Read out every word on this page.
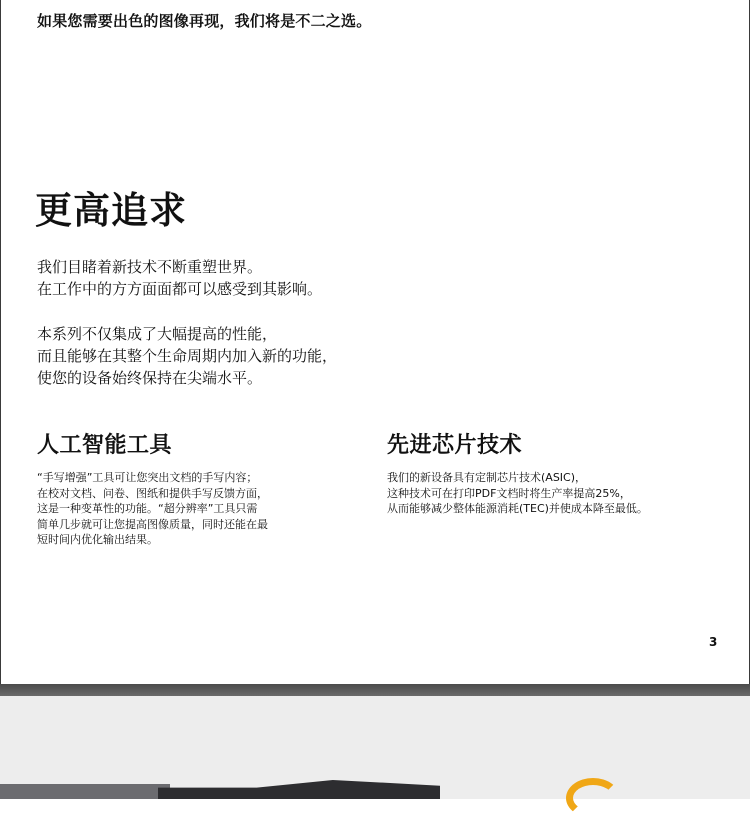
如果您需要出色的图像再现，我们将是不二之选。

更高追求

我们目睹着新技术不断重塑世界。
在工作中的方方面面都可以感受到其影响。

本系列不仅集成了大幅提高的性能，
而且能够在其整个生命周期内加入新的功能，
使您的设备始终保持在尖端水平。

人工智能工具

“手写增强”工具可让您突出文档的手写内容；
在校对文档、问卷、图纸和提供手写反馈方面，
这是一种变革性的功能。“超分辨率”工具只需
简单几步就可让您提高图像质量，同时还能在最
短时间内优化输出结果。

先进芯片技术

我们的新设备具有定制芯片技术(ASIC)，
这种技术可在打印PDF文档时将生产率提高25%，
从而能够减少整体能源消耗(TEC)并使成本降至最低。

3
